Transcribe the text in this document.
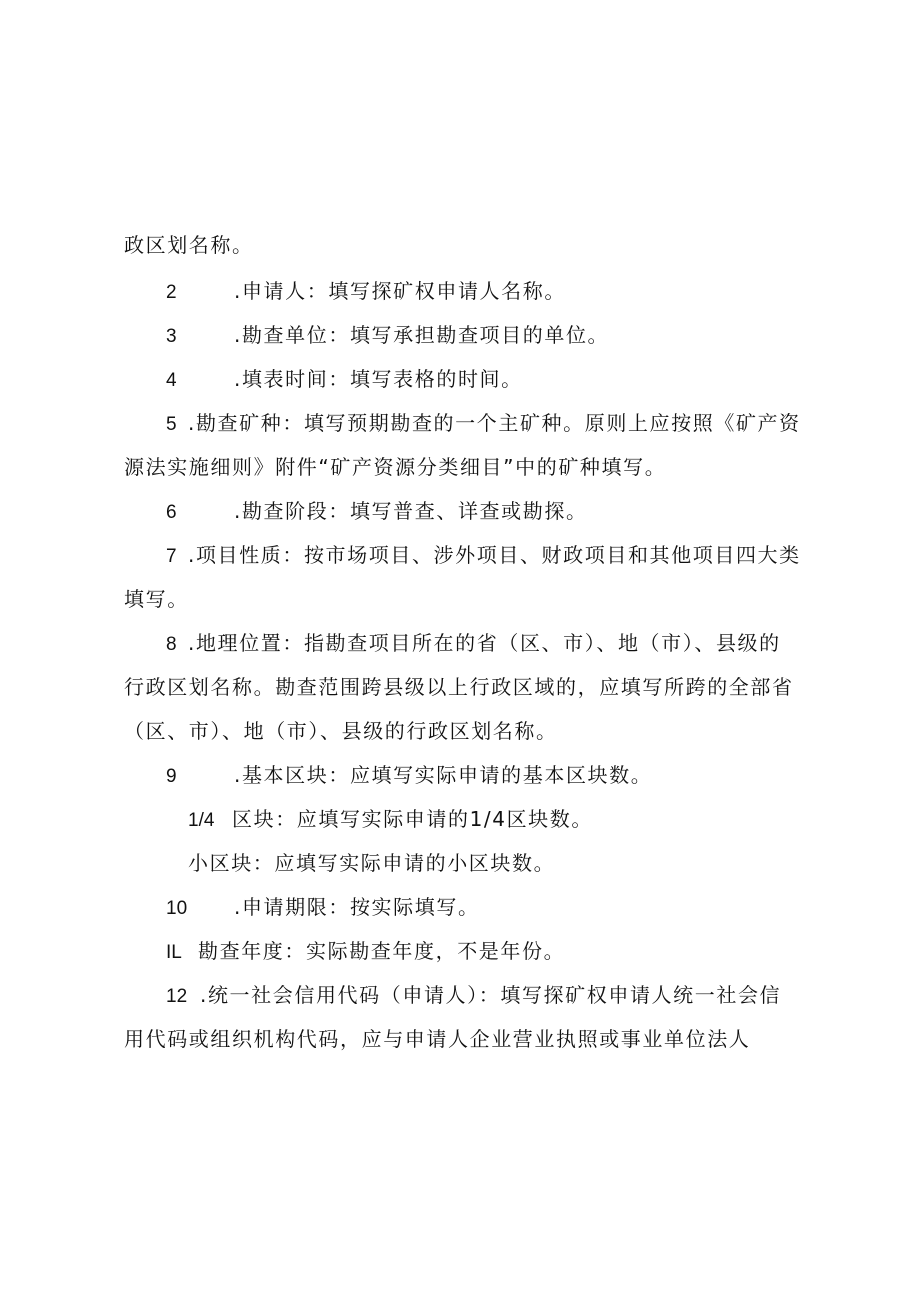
政区划名称。
2	.申请人：填写探矿权申请人名称。
3	.勘查单位：填写承担勘查项目的单位。
4	.填表时间：填写表格的时间。
5 .勘查矿种：填写预期勘查的一个主矿种。原则上应按照《矿产资
源法实施细则》附件“矿产资源分类细目”中的矿种填写。
6	.勘查阶段：填写普查、详查或勘探。
7 .项目性质：按市场项目、涉外项目、财政项目和其他项目四大类
填写。
8 .地理位置：指勘查项目所在的省（区、市）、地（市）、县级的
行政区划名称。勘查范围跨县级以上行政区域的，应填写所跨的全部省
（区、市）、地（市）、县级的行政区划名称。
9	.基本区块：应填写实际申请的基本区块数。
1/4 区块：应填写实际申请的1/4区块数。
小区块：应填写实际申请的小区块数。
10 .申请期限：按实际填写。
IL 勘查年度：实际勘查年度，不是年份。
12 .统一社会信用代码（申请人）：填写探矿权申请人统一社会信
用代码或组织机构代码，应与申请人企业营业执照或事业单位法人
